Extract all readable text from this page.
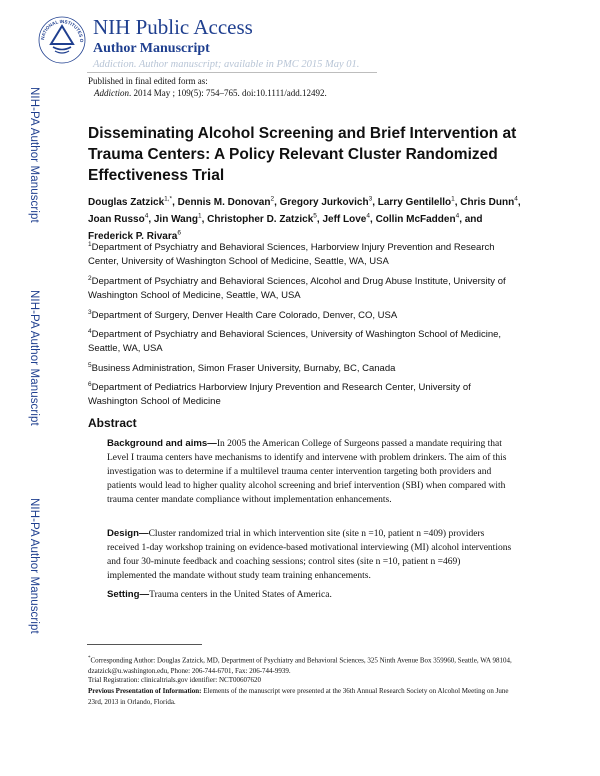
NATIONAL INSTITUTES O
NIH Public Access
Author Manuscript
Addiction. Author manuscript; available in PMC 2015 May 01.
Published in final edited form as:
Addiction. 2014 May ; 109(5): 754–765. doi:10.1111/add.12492.
NIH-PA Author Manuscript
NIH-PA Author Manuscript
NIH-PA Author Manuscript
Disseminating Alcohol Screening and Brief Intervention at Trauma Centers: A Policy Relevant Cluster Randomized Effectiveness Trial
Douglas Zatzick$^{1,*}$, Dennis M. Donovan$^2$, Gregory Jurkovich$^3$, Larry Gentilello$^1$, Chris Dunn$^4$, Joan Russo$^4$, Jin Wang$^1$, Christopher D. Zatzick$^5$, Jeff Love$^4$, Collin McFadden$^4$, and Frederick P. Rivara$^6$
$^1$Department of Psychiatry and Behavioral Sciences, Harborview Injury Prevention and Research Center, University of Washington School of Medicine, Seattle, WA, USA
$^2$Department of Psychiatry and Behavioral Sciences, Alcohol and Drug Abuse Institute, University of Washington School of Medicine, Seattle, WA, USA
$^3$Department of Surgery, Denver Health Care Colorado, Denver, CO, USA
$^4$Department of Psychiatry and Behavioral Sciences, University of Washington School of Medicine, Seattle, WA, USA
$^5$Business Administration, Simon Fraser University, Burnaby, BC, Canada
$^6$Department of Pediatrics Harborview Injury Prevention and Research Center, University of Washington School of Medicine
Abstract
Background and aims—In 2005 the American College of Surgeons passed a mandate requiring that Level I trauma centers have mechanisms to identify and intervene with problem drinkers. The aim of this investigation was to determine if a multilevel trauma center intervention targeting both providers and patients would lead to higher quality alcohol screening and brief intervention (SBI) when compared with trauma center mandate compliance without implementation enhancements.
Design—Cluster randomized trial in which intervention site (site n =10, patient n =409) providers received 1-day workshop training on evidence-based motivational interviewing (MI) alcohol interventions and four 30-minute feedback and coaching sessions; control sites (site n =10, patient n =469) implemented the mandate without study team training enhancements.
Setting—Trauma centers in the United States of America.
*Corresponding Author: Douglas Zatzick, MD, Department of Psychiatry and Behavioral Sciences, 325 Ninth Avenue Box 359960, Seattle, WA 98104, dzatzick@u.washington.edu, Phone: 206-744-6701, Fax: 206-744-9939.
Trial Registration: clinicaltrials.gov identifier: NCT00607620
Previous Presentation of Information: Elements of the manuscript were presented at the 36th Annual Research Society on Alcohol Meeting on June 23rd, 2013 in Orlando, Florida.
